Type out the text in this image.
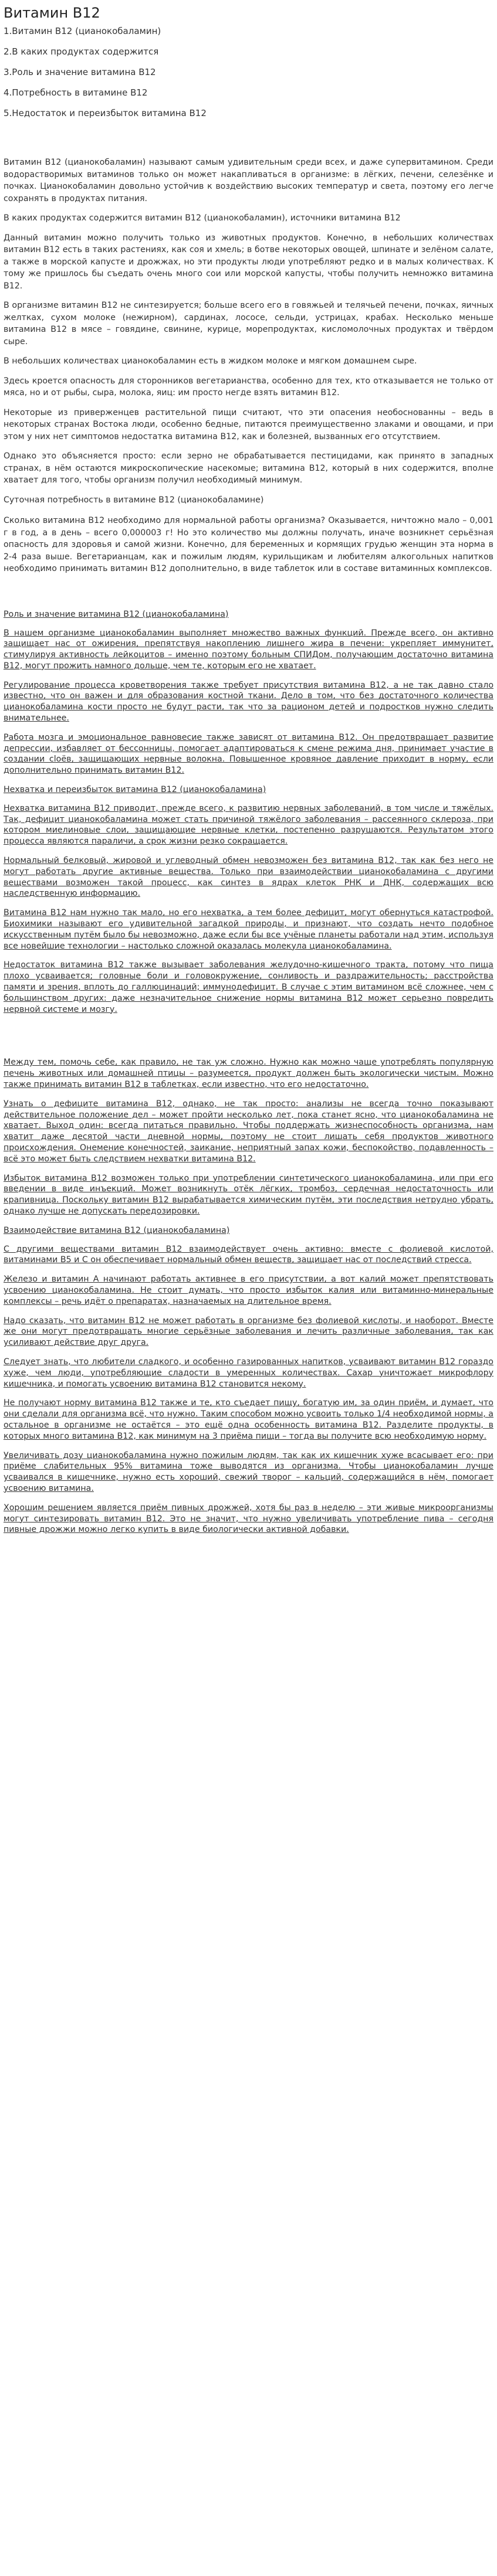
Витамин В12
1.Витамин В12 (цианокобаламин)
2.В каких продуктах содержится
3.Роль и значение витамина В12
4.Потребность в витамине В12
5.Недостаток и переизбыток витамина В12

Витамин В12 (цианокобаламин) называют самым удивительным среди всех, и даже супервитамином. Среди водорастворимых витаминов только он может накапливаться в организме: в лёгких, печени, селезёнке и почках. Цианокобаламин довольно устойчив к воздействию высоких температур и света, поэтому его легче сохранять в продуктах питания.

В каких продуктах содержится витамин В12 (цианокобаламин), источники витамина В12

Данный витамин можно получить только из животных продуктов. Конечно, в небольших количествах витамин В12 есть в таких растениях, как соя и хмель; в ботве некоторых овощей, шпинате и зелёном салате, а также в морской капусте и дрожжах, но эти продукты люди употребляют редко и в малых количествах. К тому же пришлось бы съедать очень много сои или морской капусты, чтобы получить немножко витамина В12.

В организме витамин В12 не синтезируется; больше всего его в говяжьей и телячьей печени, почках, яичных желтках, сухом молоке (нежирном), сардинах, лососе, сельди, устрицах, крабах. Несколько меньше витамина В12 в мясе – говядине, свинине, курице, морепродуктах, кисломолочных продуктах и твёрдом сыре.

В небольших количествах цианокобаламин есть в жидком молоке и мягком домашнем сыре.

Здесь кроется опасность для сторонников вегетарианства, особенно для тех, кто отказывается не только от мяса, но и от рыбы, сыра, молока, яиц: им просто негде взять витамин В12.

Некоторые из приверженцев растительной пищи считают, что эти опасения необоснованны – ведь в некоторых странах Востока люди, особенно бедные, питаются преимущественно злаками и овощами, и при этом у них нет симптомов недостатка витамина В12, как и болезней, вызванных его отсутствием.

Однако это объясняется просто: если зерно не обрабатывается пестицидами, как принято в западных странах, в нём остаются микроскопические насекомые; витамина В12, который в них содержится, вполне хватает для того, чтобы организм получил необходимый минимум.

Суточная потребность в витамине В12 (цианокобаламине)

Сколько витамина В12 необходимо для нормальной работы организма? Оказывается, ничтожно мало – 0,001 г в год, а в день – всего 0,000003 г! Но это количество мы должны получать, иначе возникнет серьёзная опасность для здоровья и самой жизни. Конечно, для беременных и кормящих грудью женщин эта норма в 2-4 раза выше. Вегетарианцам, как и пожилым людям, курильщикам и любителям алкогольных напитков необходимо принимать витамин В12 дополнительно, в виде таблеток или в составе витаминных комплексов.

Роль и значение витамина В12 (цианокобаламина)

В нашем организме цианокобаламин выполняет множество важных функций. Прежде всего, он активно защищает нас от ожирения, препятствуя накоплению лишнего жира в печени: укрепляет иммунитет, стимулируя активность лейкоцитов – именно поэтому больным СПИДом, получающим достаточно витамина В12, могут прожить намного дольше, чем те, которым его не хватает.

Регулирование процесса кроветворения также требует присутствия витамина В12, а не так давно стало известно, что он важен и для образования костной ткани. Дело в том, что без достаточного количества цианокобаламина кости просто не будут расти, так что за рационом детей и подростков нужно следить внимательнее.

Работа мозга и эмоциональное равновесие также зависят от витамина В12. Он предотвращает развитие депрессии, избавляет от бессонницы, помогает адаптироваться к смене режима дня, принимает участие в создании сloёв, защищающих нервные волокна. Повышенное кровяное давление приходит в норму, если дополнительно принимать витамин В12.

Нехватка и переизбыток витамина В12 (цианокобаламина)

Нехватка витамина В12 приводит, прежде всего, к развитию нервных заболеваний, в том числе и тяжёлых. Так, дефицит цианокобаламина может стать причиной тяжёлого заболевания – рассеянного склероза, при котором миелиновые слои, защищающие нервные клетки, постепенно разрушаются. Результатом этого процесса являются параличи, а срок жизни резко сокращается.

Нормальный белковый, жировой и углеводный обмен невозможен без витамина В12, так как без него не могут работать другие активные вещества. Только при взаимодействии цианокобаламина с другими веществами возможен такой процесс, как синтез в ядрах клеток РНК и ДНК, содержащих всю наследственную информацию.

Витамина В12 нам нужно так мало, но его нехватка, а тем более дефицит, могут обернуться катастрофой. Биохимики называют его удивительной загадкой природы, и признают, что создать нечто подобное искусственным путём было бы невозможно, даже если бы все учёные планеты работали над этим, используя все новейшие технологии – настолько сложной оказалась молекула цианокобаламина.

Недостаток витамина В12 также вызывает заболевания желудочно-кишечного тракта, потому что пища плохо усваивается; головные боли и головокружение, сонливость и раздражительность; расстройства памяти и зрения, вплоть до галлюцинаций; иммунодефицит. В случае с этим витамином всё сложнее, чем с большинством других: даже незначительное снижение нормы витамина В12 может серьезно повредить нервной системе и мозгу.

Между тем, помочь себе, как правило, не так уж сложно. Нужно как можно чаще употреблять популярную печень животных или домашней птицы – разумеется, продукт должен быть экологически чистым. Можно также принимать витамин В12 в таблетках, если известно, что его недостаточно.

Узнать о дефиците витамина В12, однако, не так просто: анализы не всегда точно показывают действительное положение дел – может пройти несколько лет, пока станет ясно, что цианокобаламина не хватает. Выход один: всегда питаться правильно. Чтобы поддержать жизнеспособность организма, нам хватит даже десятой части дневной нормы, поэтому не стоит лишать себя продуктов животного происхождения. Онемение конечностей, заикание, неприятный запах кожи, беспокойство, подавленность – всё это может быть следствием нехватки витамина В12.

Избыток витамина В12 возможен только при употреблении синтетического цианокобаламина, или при его введении в виде инъекций. Может возникнуть отёк лёгких, тромбоз, сердечная недостаточность или крапивница. Поскольку витамин В12 вырабатывается химическим путём, эти последствия нетрудно убрать, однако лучше не допускать передозировки.

Взаимодействие витамина В12 (цианокобаламина)

С другими веществами витамин В12 взаимодействует очень активно: вместе с фолиевой кислотой, витаминами В5 и С он обеспечивает нормальный обмен веществ, защищает нас от последствий стресса.

Железо и витамин А начинают работать активнее в его присутствии, а вот калий может препятствовать усвоению цианокобаламина. Не стоит думать, что просто избыток калия или витаминно-минеральные комплексы – речь идёт о препаратах, назначаемых на длительное время.

Надо сказать, что витамин В12 не может работать в организме без фолиевой кислоты, и наоборот. Вместе же они могут предотвращать многие серьёзные заболевания и лечить различные заболевания, так как усиливают действие друг друга.

Следует знать, что любители сладкого, и особенно газированных напитков, усваивают витамин В12 гораздо хуже, чем люди, употребляющие сладости в умеренных количествах. Сахар уничтожает микрофлору кишечника, и помогать усвоению витамина В12 становится некому.

Не получают норму витамина В12 также и те, кто съедает пищу, богатую им, за один приём, и думает, что они сделали для организма всё, что нужно. Таким способом можно усвоить только 1/4 необходимой нормы, а остальное в организме не остаётся – это ещё одна особенность витамина В12. Разделите продукты, в которых много витамина В12, как минимум на 3 приёма пищи – тогда вы получите всю необходимую норму.

Увеличивать дозу цианокобаламина нужно пожилым людям, так как их кишечник хуже всасывает его: при приёме слабительных 95% витамина тоже выводятся из организма. Чтобы цианокобаламин лучше усваивался в кишечнике, нужно есть хороший, свежий творог – кальций, содержащийся в нём, помогает усвоению витамина.

Хорошим решением является приём пивных дрожжей, хотя бы раз в неделю – эти живые микроорганизмы могут синтезировать витамин В12. Это не значит, что нужно увеличивать употребление пива – сегодня пивные дрожжи можно легко купить в виде биологически активной добавки.
